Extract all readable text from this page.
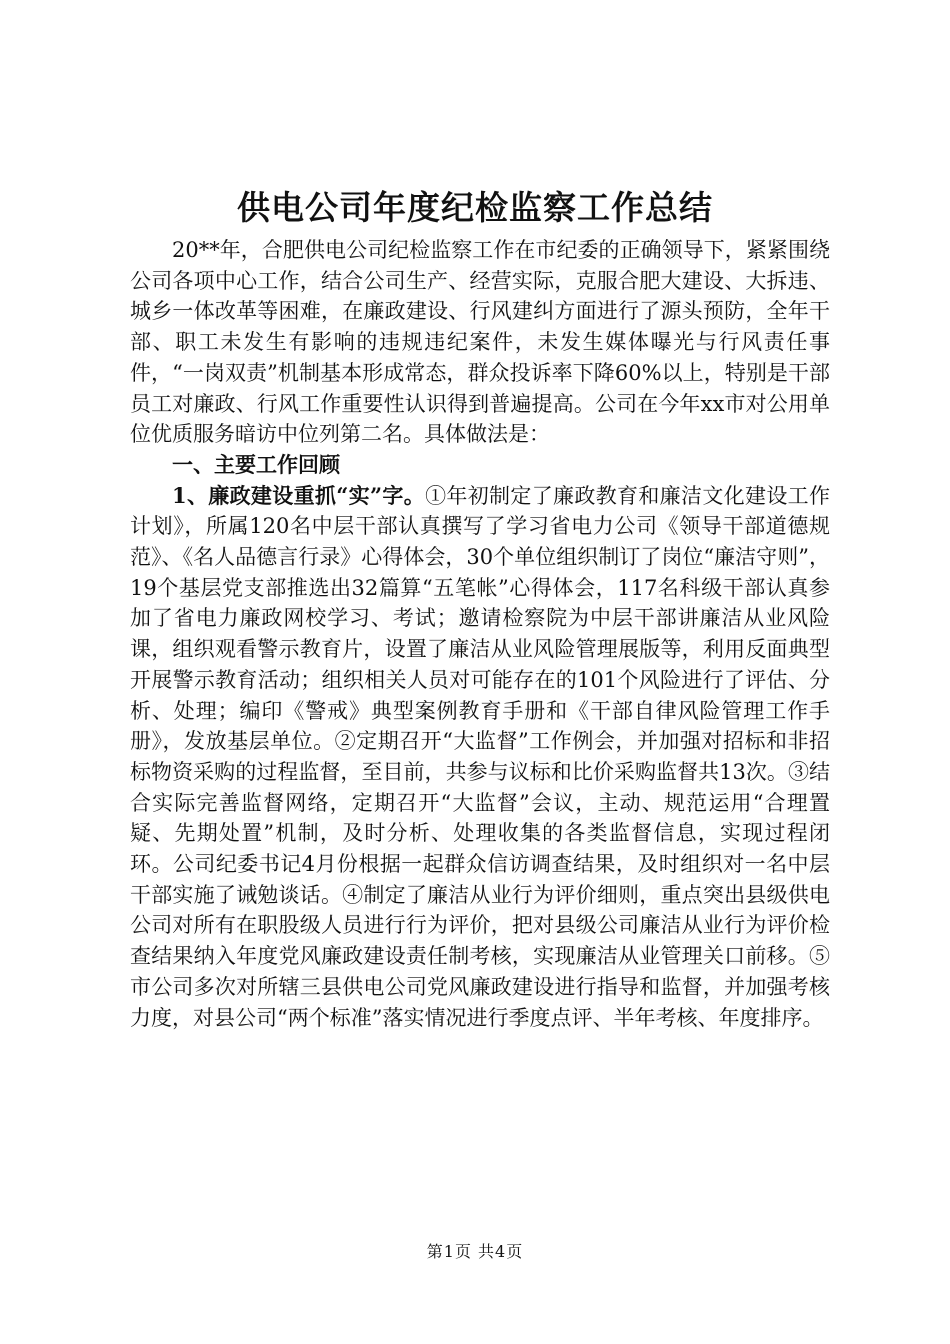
供电公司年度纪检监察工作总结

20**年，合肥供电公司纪检监察工作在市纪委的正确领导下，紧紧围绕公司各项中心工作，结合公司生产、经营实际，克服合肥大建设、大拆违、城乡一体改革等困难，在廉政建设、行风建纠方面进行了源头预防，全年干部、职工未发生有影响的违规违纪案件，未发生媒体曝光与行风责任事件，“一岗双责”机制基本形成常态，群众投诉率下降60%以上，特别是干部员工对廉政、行风工作重要性认识得到普遍提高。公司在今年xx市对公用单位优质服务暗访中位列第二名。具体做法是：

一、主要工作回顾

1、廉政建设重抓“实”字。①年初制定了廉政教育和廉洁文化建设工作计划》，所属120名中层干部认真撰写了学习省电力公司《领导干部道德规范》、《名人品德言行录》心得体会，30个单位组织制订了岗位“廉洁守则”，19个基层党支部推选出32篇算“五笔帐”心得体会，117名科级干部认真参加了省电力廉政网校学习、考试；邀请检察院为中层干部讲廉洁从业风险课，组织观看警示教育片，设置了廉洁从业风险管理展版等，利用反面典型开展警示教育活动；组织相关人员对可能存在的101个风险进行了评估、分析、处理；编印《警戒》典型案例教育手册和《干部自律风险管理工作手册》，发放基层单位。②定期召开“大监督”工作例会，并加强对招标和非招标物资采购的过程监督，至目前，共参与议标和比价采购监督共13次。③结合实际完善监督网络，定期召开“大监督”会议，主动、规范运用“合理置疑、先期处置”机制，及时分析、处理收集的各类监督信息，实现过程闭环。公司纪委书记4月份根据一起群众信访调查结果，及时组织对一名中层干部实施了诫勉谈话。④制定了廉洁从业行为评价细则，重点突出县级供电公司对所有在职股级人员进行行为评价，把对县级公司廉洁从业行为评价检查结果纳入年度党风廉政建设责任制考核，实现廉洁从业管理关口前移。⑤市公司多次对所辖三县供电公司党风廉政建设进行指导和监督，并加强考核力度，对县公司“两个标准”落实情况进行季度点评、半年考核、年度排序。

第1页 共4页
